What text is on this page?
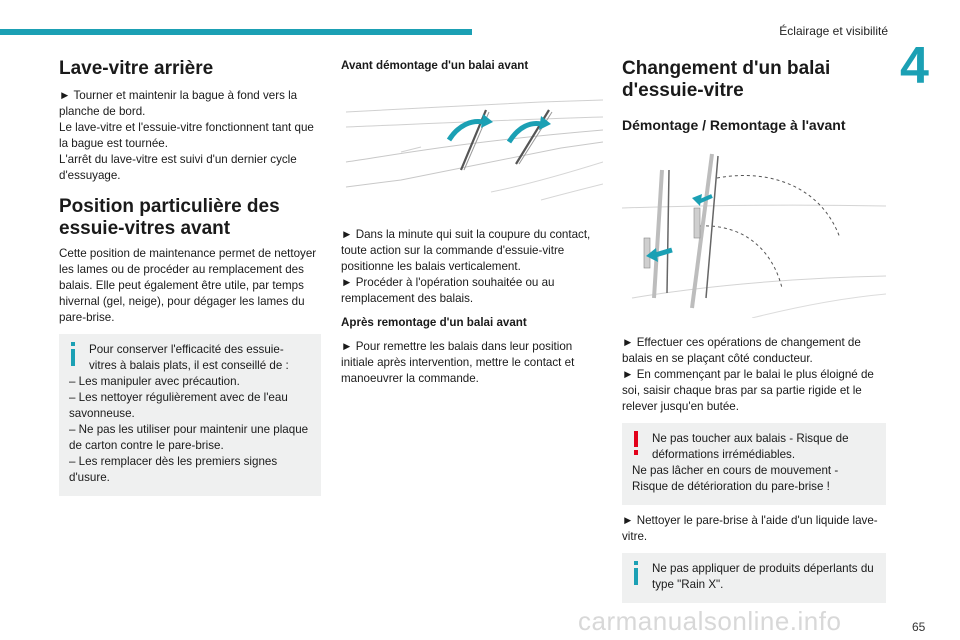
Éclairage et visibilité
4
Lave-vitre arrière

► Tourner et maintenir la bague à fond vers la planche de bord.

Le lave-vitre et l'essuie-vitre fonctionnent tant que la bague est tournée.

L'arrêt du lave-vitre est suivi d'un dernier cycle d'essuyage.

Position particulière des essuie-vitres avant

Cette position de maintenance permet de nettoyer les lames ou de procéder au remplacement des balais. Elle peut également être utile, par temps hivernal (gel, neige), pour dégager les lames du pare-brise.

Pour conserver l'efficacité des essuie-vitres à balais plats, il est conseillé de :
– Les manipuler avec précaution.
– Les nettoyer régulièrement avec de l'eau savonneuse.
– Ne pas les utiliser pour maintenir une plaque de carton contre le pare-brise.
– Les remplacer dès les premiers signes d'usure.
Avant démontage d'un balai avant

► Dans la minute qui suit la coupure du contact, toute action sur la commande d'essuie-vitre positionne les balais verticalement.

► Procéder à l'opération souhaitée ou au remplacement des balais.

Après remontage d'un balai avant

► Pour remettre les balais dans leur position initiale après intervention, mettre le contact et manoeuvrer la commande.

Changement d'un balai d'essuie-vitre
Démontage / Remontage à l'avant

► Effectuer ces opérations de changement de balais en se plaçant côté conducteur.

► En commençant par le balai le plus éloigné de soi, saisir chaque bras par sa partie rigide et le relever jusqu'en butée.

Ne pas toucher aux balais - Risque de déformations irrémédiables.
Ne pas lâcher en cours de mouvement - Risque de détérioration du pare-brise !

► Nettoyer le pare-brise à l'aide d'un liquide lave-vitre.

Ne pas appliquer de produits déperlants du type "Rain X".
carmanualsonline.info	65
